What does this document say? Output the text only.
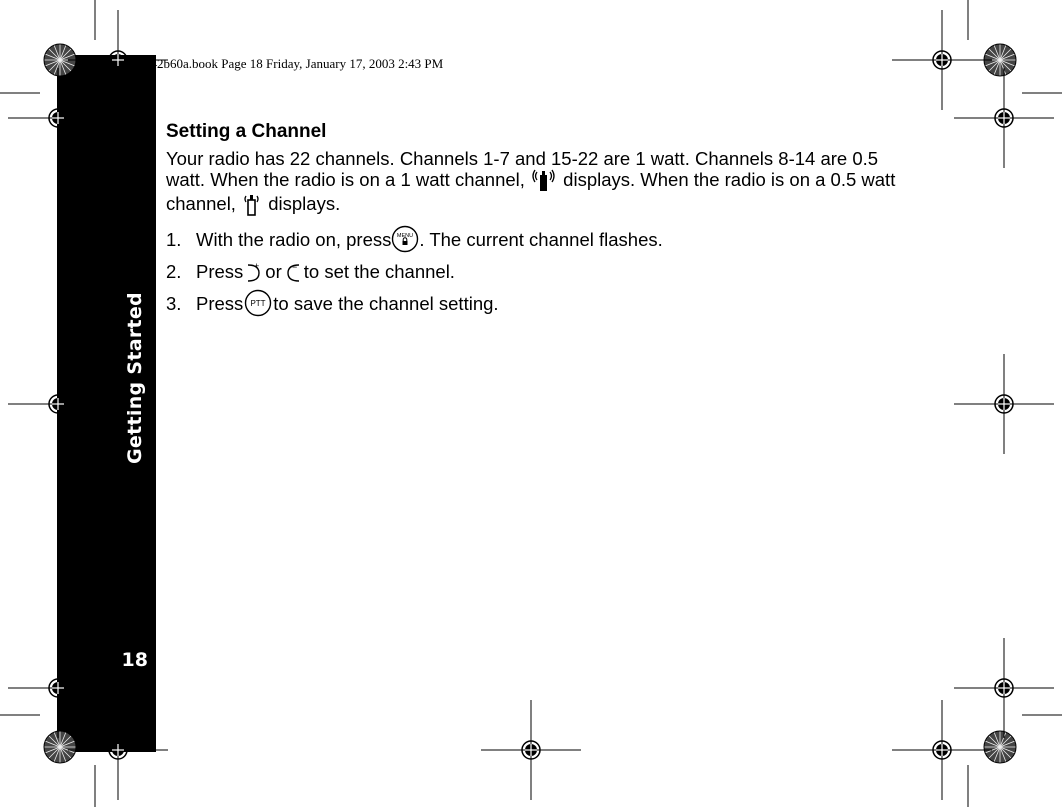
Getting Started
18
042b60a.book Page 18 Friday, January 17, 2003 2:43 PM
Setting a Channel
Your radio has 22 channels. Channels 1-7 and 15-22 are 1 watt. Channels 8-14 are 0.5 watt. When the radio is on a 1 watt channel,  displays. When the radio is on a 0.5 watt channel,  displays.
1. With the radio on, press MENU . The current channel flashes.
2. Press + or − to set the channel.
3. Press PTT to save the channel setting.
